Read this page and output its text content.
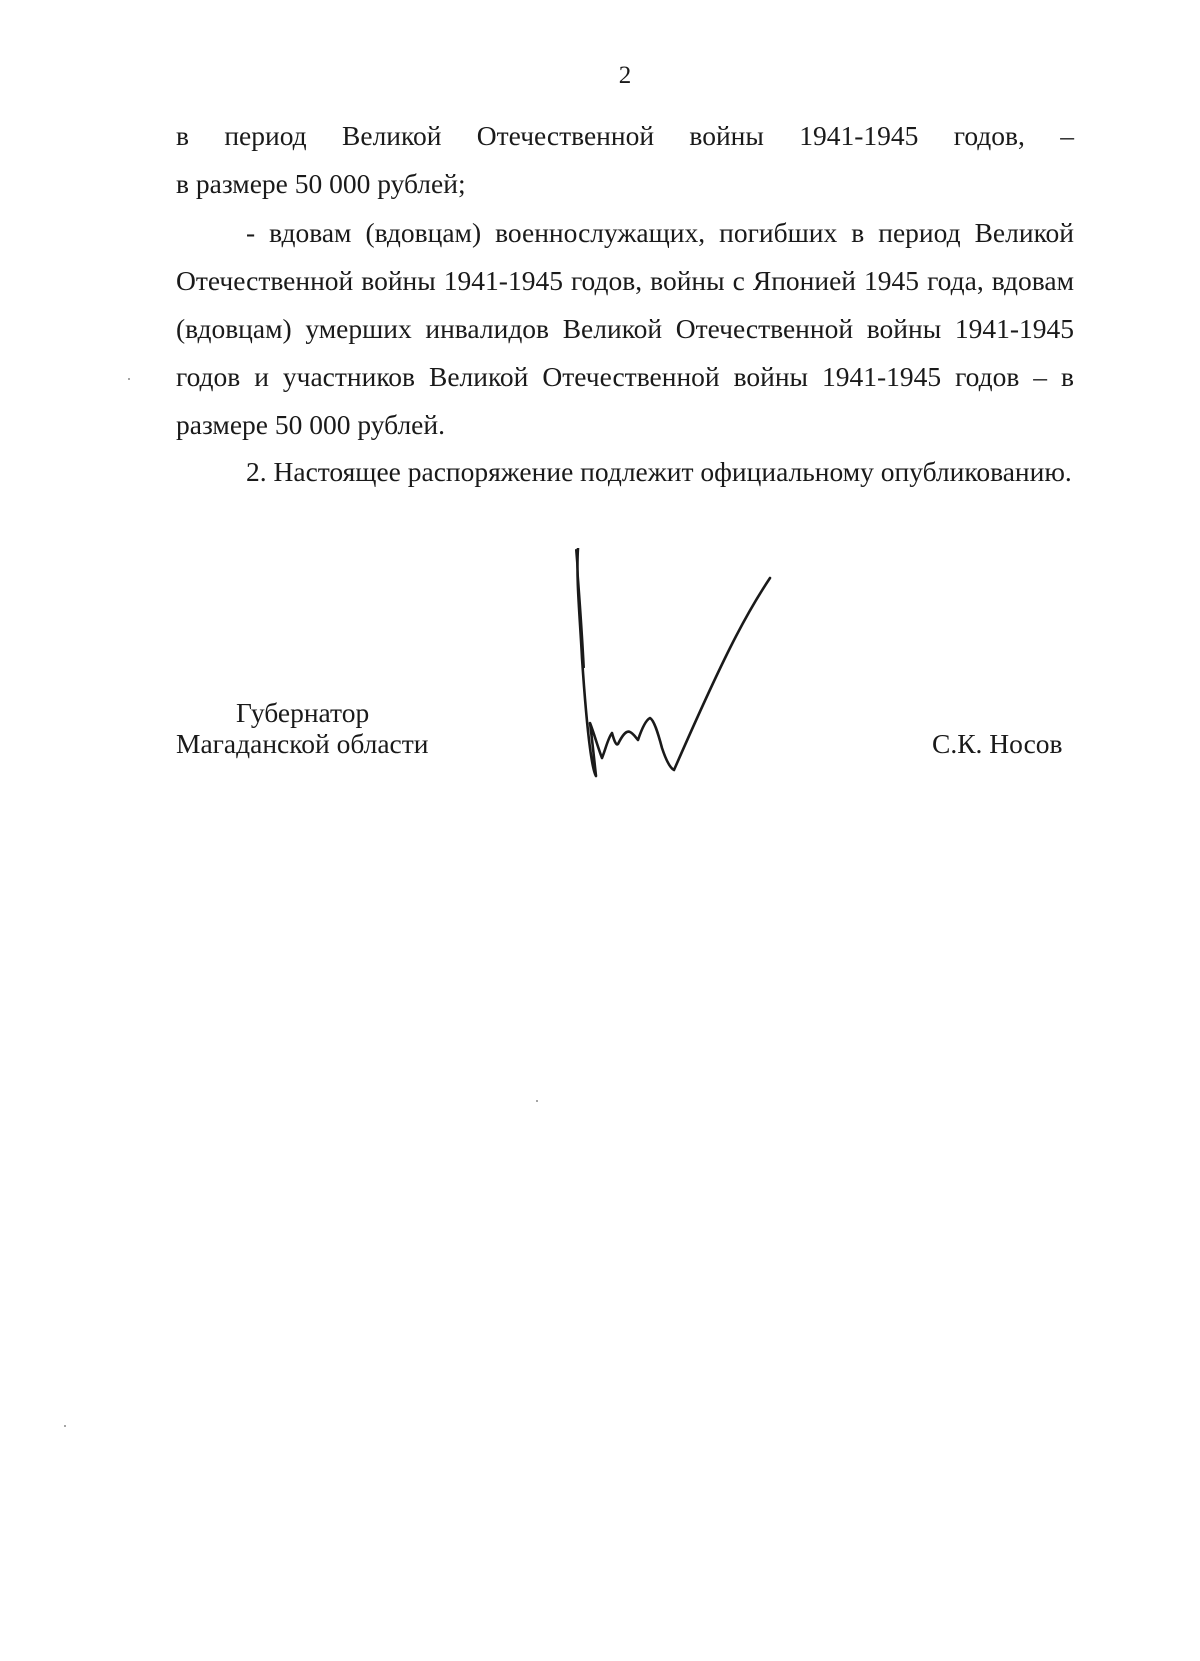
2
в период Великой Отечественной войны 1941-1945 годов, –
в размере 50 000 рублей;
- вдовам (вдовцам) военнослужащих, погибших в период Великой Отечественной войны 1941-1945 годов, войны с Японией 1945 года, вдовам (вдовцам) умерших инвалидов Великой Отечественной войны 1941-1945 годов и участников Великой Отечественной войны 1941-1945 годов – в размере 50 000 рублей.
2. Настоящее распоряжение подлежит официальному опубликованию.
Губернатор
Магаданской области	С.К. Носов
